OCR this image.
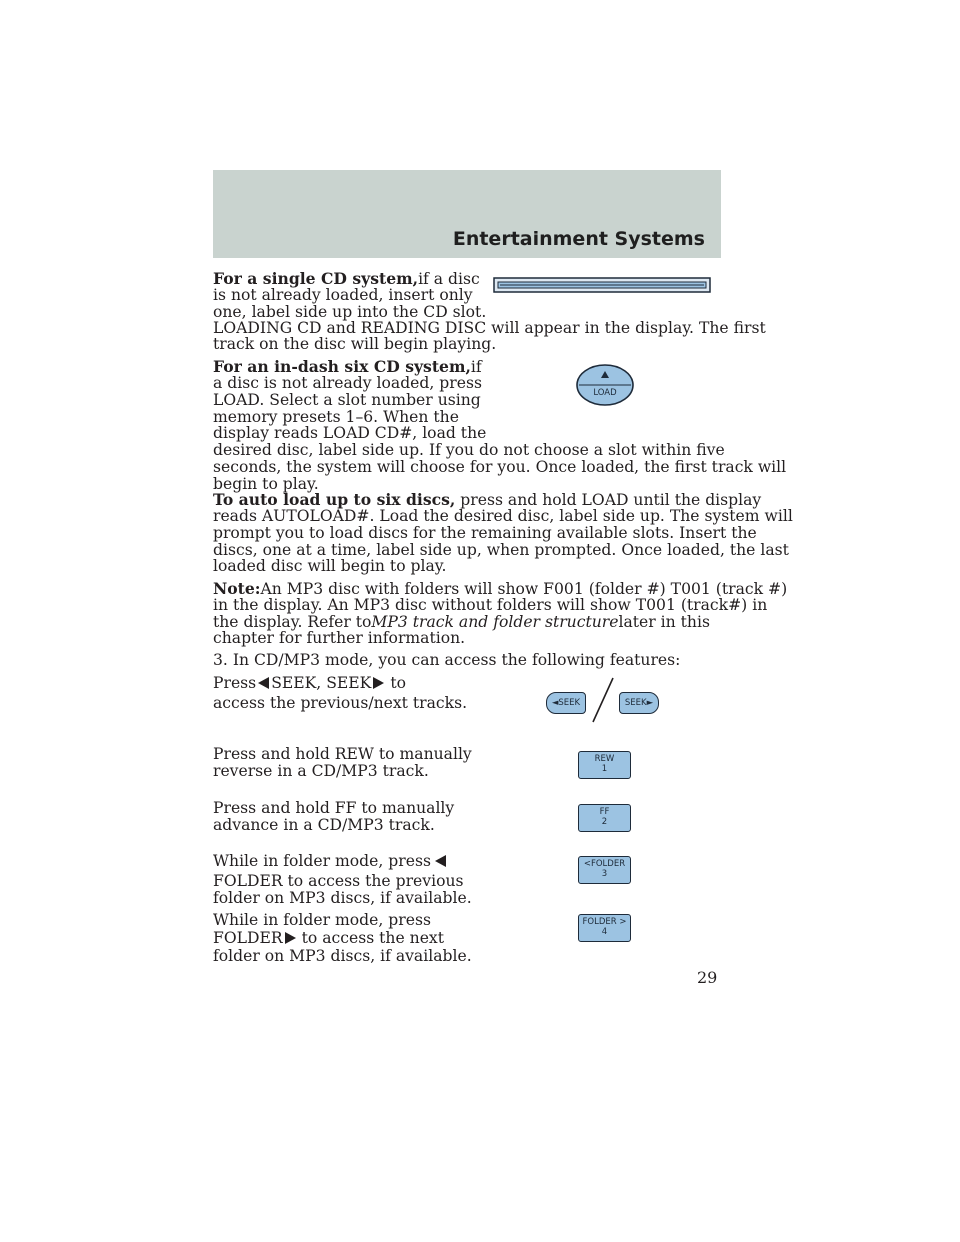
Entertainment Systems

For a single CD system,if a disc

is not already loaded, insert only

one, label side up into the CD slot.

LOADING CD and READING DISC will appear in the display. The first

track on the disc will begin playing.

For an in-dash six CD system,if

a disc is not already loaded, press

LOAD. Select a slot number using

memory presets 1–6. When the

display reads LOAD CD#, load the

desired disc, label side up. If you do not choose a slot within five

seconds, the system will choose for you. Once loaded, the first track will

begin to play.

LOAD

To auto load up to six discs, press and hold LOAD until the display

reads AUTOLOAD#. Load the desired disc, label side up. The system will

prompt you to load discs for the remaining available slots. Insert the

discs, one at a time, label side up, when prompted. Once loaded, the last

loaded disc will begin to play.

Note:An MP3 disc with folders will show F001 (folder #) T001 (track #)

in the display. An MP3 disc without folders will show T001 (track#) in

the display. Refer toMP3 track and folder structurelater in this

chapter for further information.

3. In CD/MP3 mode, you can access the following features:

Press SEEK, SEEK to

access the previous/next tracks.	◄SEEK	SEEK►

Press and hold REW to manually

reverse in a CD/MP3 track.

REW
1

Press and hold FF to manually

advance in a CD/MP3 track.

FF
2

While in folder mode, press

FOLDER to access the previous

folder on MP3 discs, if available.

<FOLDER
3

While in folder mode, press

FOLDER to access the next

folder on MP3 discs, if available.

FOLDER >
4
29
